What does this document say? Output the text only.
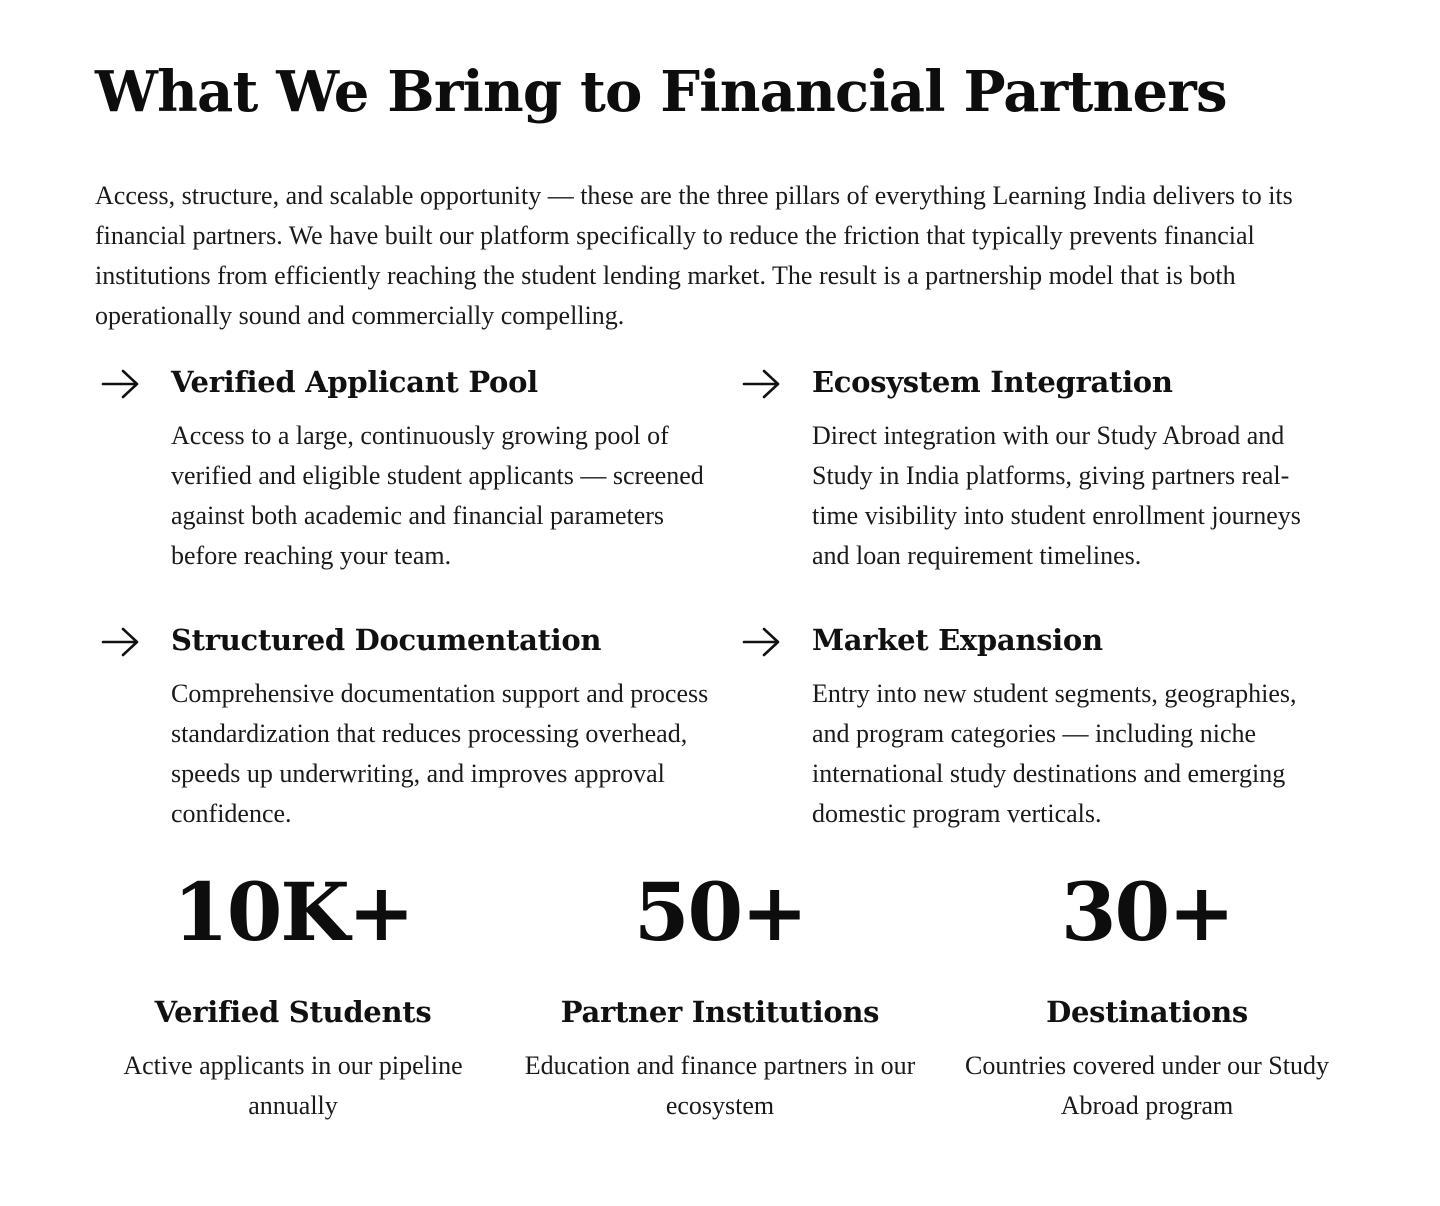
What We Bring to Financial Partners

Access, structure, and scalable opportunity — these are the three pillars of everything Learning India delivers to its financial partners. We have built our platform specifically to reduce the friction that typically prevents financial institutions from efficiently reaching the student lending market. The result is a partnership model that is both operationally sound and commercially compelling.

Verified Applicant Pool

Access to a large, continuously growing pool of verified and eligible student applicants — screened against both academic and financial parameters before reaching your team.

Ecosystem Integration

Direct integration with our Study Abroad and Study in India platforms, giving partners real-time visibility into student enrollment journeys and loan requirement timelines.

Structured Documentation

Comprehensive documentation support and process standardization that reduces processing overhead, speeds up underwriting, and improves approval confidence.

Market Expansion

Entry into new student segments, geographies, and program categories — including niche international study destinations and emerging domestic program verticals.

10K+
Verified Students
Active applicants in our pipeline annually
50+
Partner Institutions
Education and finance partners in our ecosystem
30+
Destinations
Countries covered under our Study Abroad program
